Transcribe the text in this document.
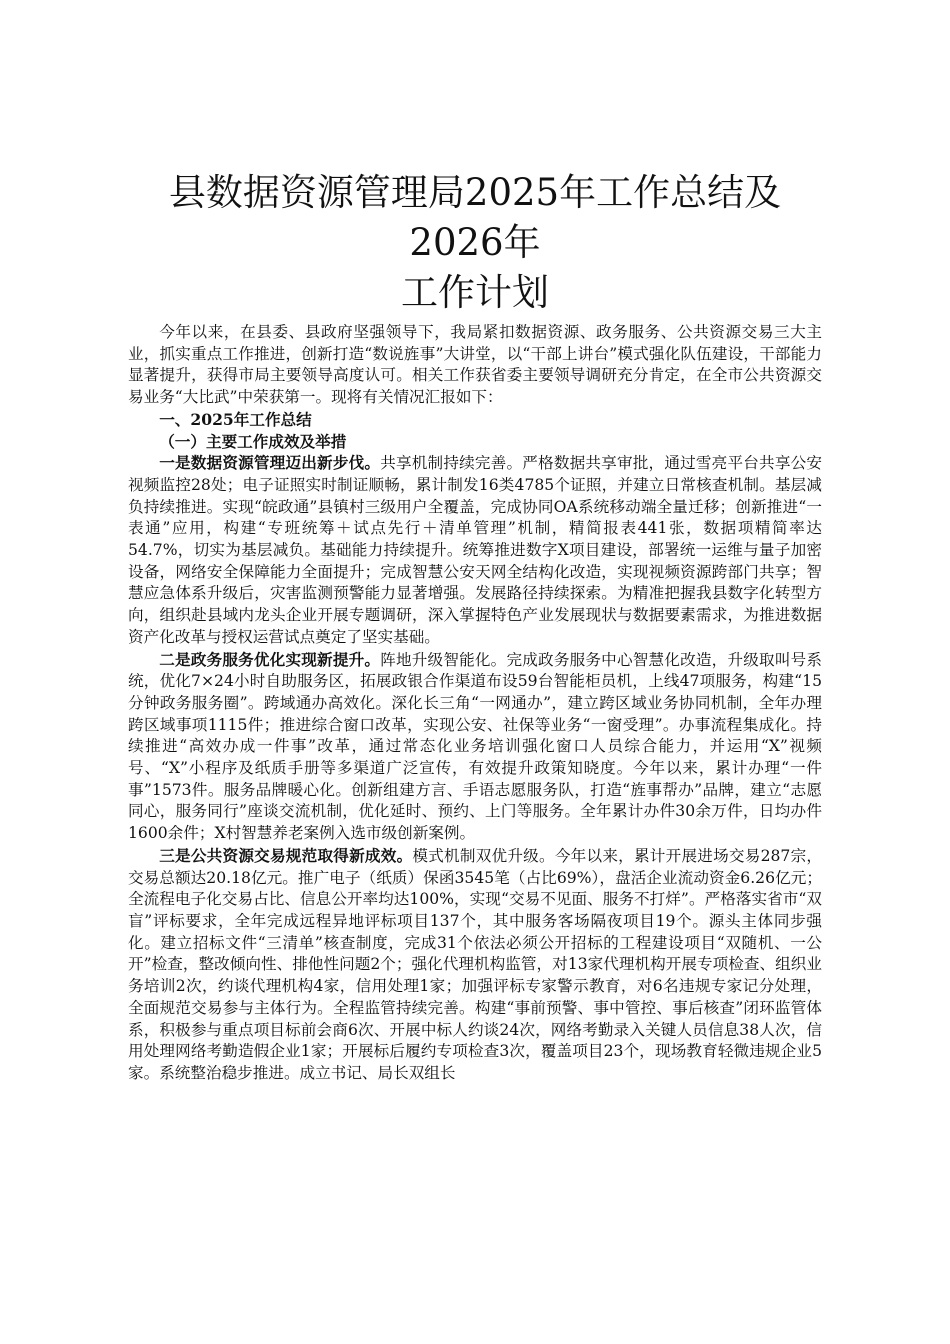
县数据资源管理局2025年工作总结及2026年
工作计划

今年以来，在县委、县政府坚强领导下，我局紧扣数据资源、政务服务、公共资源交易三大主业，抓实重点工作推进，创新打造“数说旌事”大讲堂，以“干部上讲台”模式强化队伍建设，干部能力显著提升，获得市局主要领导高度认可。相关工作获省委主要领导调研充分肯定，在全市公共资源交易业务“大比武”中荣获第一。现将有关情况汇报如下：

一、2025年工作总结

（一）主要工作成效及举措

一是数据资源管理迈出新步伐。共享机制持续完善。严格数据共享审批，通过雪亮平台共享公安视频监控28处；电子证照实时制证顺畅，累计制发16类4785个证照，并建立日常核查机制。基层减负持续推进。实现“皖政通”县镇村三级用户全覆盖，完成协同OA系统移动端全量迁移；创新推进“一表通”应用，构建“专班统筹＋试点先行＋清单管理”机制，精简报表441张，数据项精简率达54.7%，切实为基层减负。基础能力持续提升。统筹推进数字X项目建设，部署统一运维与量子加密设备，网络安全保障能力全面提升；完成智慧公安天网全结构化改造，实现视频资源跨部门共享；智慧应急体系升级后，灾害监测预警能力显著增强。发展路径持续探索。为精准把握我县数字化转型方向，组织赴县域内龙头企业开展专题调研，深入掌握特色产业发展现状与数据要素需求，为推进数据资产化改革与授权运营试点奠定了坚实基础。

二是政务服务优化实现新提升。阵地升级智能化。完成政务服务中心智慧化改造，升级取叫号系统，优化7×24小时自助服务区，拓展政银合作渠道布设59台智能柜员机，上线47项服务，构建“15分钟政务服务圈”。跨域通办高效化。深化长三角“一网通办”，建立跨区域业务协同机制，全年办理跨区域事项1115件；推进综合窗口改革，实现公安、社保等业务“一窗受理”。办事流程集成化。持续推进“高效办成一件事”改革，通过常态化业务培训强化窗口人员综合能力，并运用“X”视频号、“X”小程序及纸质手册等多渠道广泛宣传，有效提升政策知晓度。今年以来，累计办理“一件事”1573件。服务品牌暖心化。创新组建方言、手语志愿服务队，打造“旌事帮办”品牌，建立“志愿同心，服务同行”座谈交流机制，优化延时、预约、上门等服务。全年累计办件30余万件，日均办件1600余件；X村智慧养老案例入选市级创新案例。

三是公共资源交易规范取得新成效。模式机制双优升级。今年以来，累计开展进场交易287宗，交易总额达20.18亿元。推广电子（纸质）保函3545笔（占比69%），盘活企业流动资金6.26亿元；全流程电子化交易占比、信息公开率均达100%，实现“交易不见面、服务不打烊”。严格落实省市“双盲”评标要求，全年完成远程异地评标项目137个，其中服务客场隔夜项目19个。源头主体同步强化。建立招标文件“三清单”核查制度，完成31个依法必须公开招标的工程建设项目“双随机、一公开”检查，整改倾向性、排他性问题2个；强化代理机构监管，对13家代理机构开展专项检查、组织业务培训2次，约谈代理机构4家，信用处理1家；加强评标专家警示教育，对6名违规专家记分处理，全面规范交易参与主体行为。全程监管持续完善。构建“事前预警、事中管控、事后核查”闭环监管体系，积极参与重点项目标前会商6次、开展中标人约谈24次，网络考勤录入关键人员信息38人次，信用处理网络考勤造假企业1家；开展标后履约专项检查3次，覆盖项目23个，现场教育轻微违规企业5家。系统整治稳步推进。成立书记、局长双组长
